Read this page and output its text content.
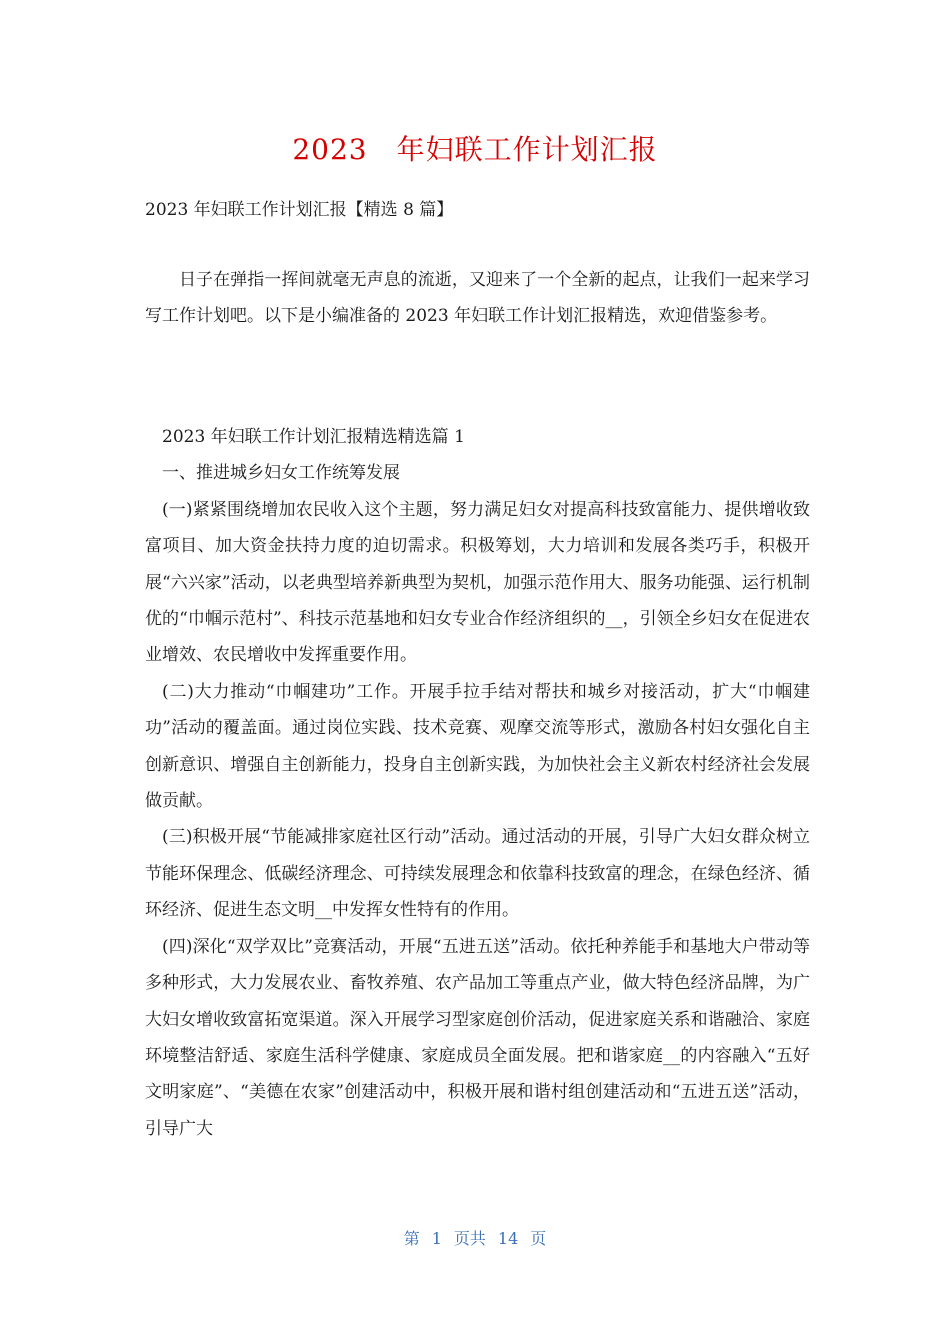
2023　年妇联工作计划汇报
2023 年妇联工作计划汇报【精选 8 篇】
日子在弹指一挥间就毫无声息的流逝，又迎来了一个全新的起点，让我们一起来学习写工作计划吧。以下是小编准备的 2023 年妇联工作计划汇报精选，欢迎借鉴参考。

2023 年妇联工作计划汇报精选精选篇 1

一、推进城乡妇女工作统筹发展

(一)紧紧围绕增加农民收入这个主题，努力满足妇女对提高科技致富能力、提供增收致富项目、加大资金扶持力度的迫切需求。积极筹划，大力培训和发展各类巧手，积极开展“六兴家”活动，以老典型培养新典型为契机，加强示范作用大、服务功能强、运行机制优的“巾帼示范村”、科技示范基地和妇女专业合作经济组织的__，引领全乡妇女在促进农业增效、农民增收中发挥重要作用。

(二)大力推动“巾帼建功”工作。开展手拉手结对帮扶和城乡对接活动，扩大“巾帼建功”活动的覆盖面。通过岗位实践、技术竞赛、观摩交流等形式，激励各村妇女强化自主创新意识、增强自主创新能力，投身自主创新实践，为加快社会主义新农村经济社会发展做贡献。

(三)积极开展“节能减排家庭社区行动”活动。通过活动的开展，引导广大妇女群众树立节能环保理念、低碳经济理念、可持续发展理念和依靠科技致富的理念，在绿色经济、循环经济、促进生态文明__中发挥女性特有的作用。

(四)深化“双学双比”竞赛活动，开展“五进五送”活动。依托种养能手和基地大户带动等多种形式，大力发展农业、畜牧养殖、农产品加工等重点产业，做大特色经济品牌，为广大妇女增收致富拓宽渠道。深入开展学习型家庭创价活动，促进家庭关系和谐融洽、家庭环境整洁舒适、家庭生活科学健康、家庭成员全面发展。把和谐家庭__的内容融入“五好文明家庭”、“美德在农家”创建活动中，积极开展和谐村组创建活动和“五进五送”活动，引导广大

第 1 页共 14 页
